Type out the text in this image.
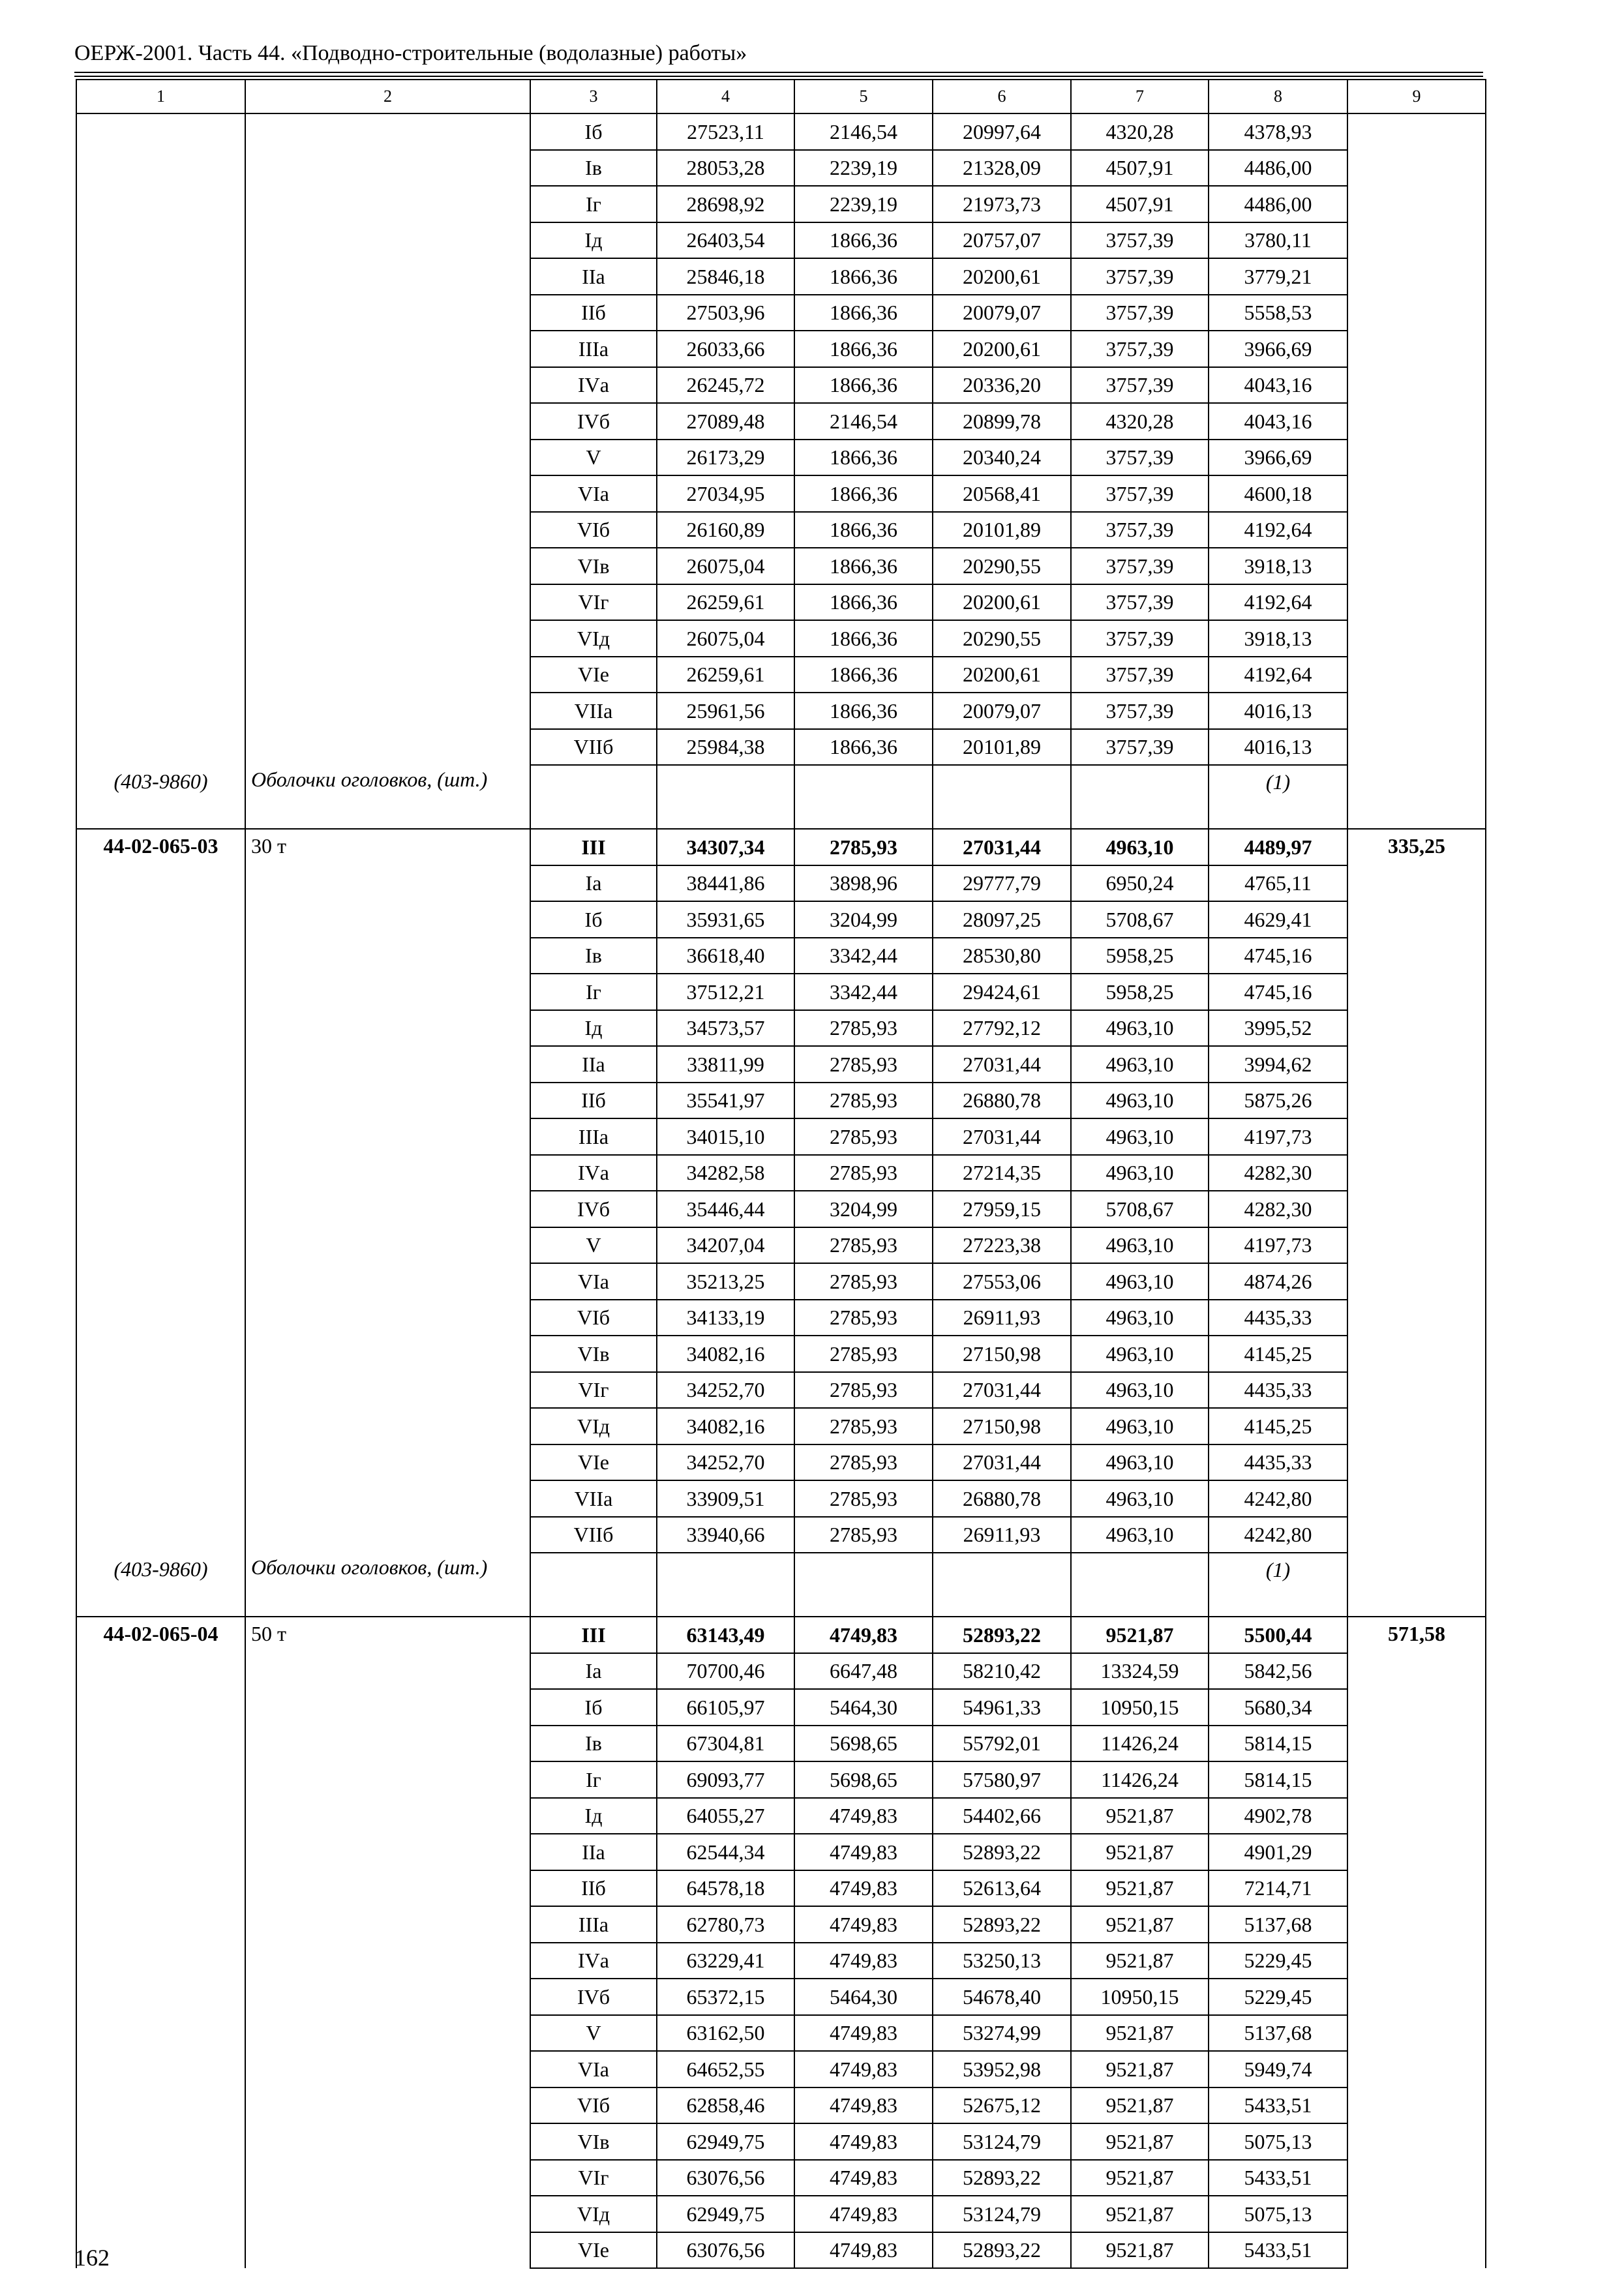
ОЕРЖ-2001. Часть 44. «Подводно-строительные (водолазные) работы»
1	2	3	4	5	6	7	8	9
		Iб	27523,11	2146,54	20997,64	4320,28	4378,93	
		Iв	28053,28	2239,19	21328,09	4507,91	4486,00	
		Iг	28698,92	2239,19	21973,73	4507,91	4486,00	
		Iд	26403,54	1866,36	20757,07	3757,39	3780,11	
		IIа	25846,18	1866,36	20200,61	3757,39	3779,21	
		IIб	27503,96	1866,36	20079,07	3757,39	5558,53	
		IIIа	26033,66	1866,36	20200,61	3757,39	3966,69	
		IVа	26245,72	1866,36	20336,20	3757,39	4043,16	
		IVб	27089,48	2146,54	20899,78	4320,28	4043,16	
		V	26173,29	1866,36	20340,24	3757,39	3966,69	
		VIа	27034,95	1866,36	20568,41	3757,39	4600,18	
		VIб	26160,89	1866,36	20101,89	3757,39	4192,64	
		VIв	26075,04	1866,36	20290,55	3757,39	3918,13	
		VIг	26259,61	1866,36	20200,61	3757,39	4192,64	
		VIд	26075,04	1866,36	20290,55	3757,39	3918,13	
		VIе	26259,61	1866,36	20200,61	3757,39	4192,64	
		VIIа	25961,56	1866,36	20079,07	3757,39	4016,13	
		VIIб	25984,38	1866,36	20101,89	3757,39	4016,13	
(403-9860)	Оболочки оголовков, (шт.)						(1)	
44-02-065-03	30 т	III	34307,34	2785,93	27031,44	4963,10	4489,97	335,25
		Iа	38441,86	3898,96	29777,79	6950,24	4765,11	
		Iб	35931,65	3204,99	28097,25	5708,67	4629,41	
		Iв	36618,40	3342,44	28530,80	5958,25	4745,16	
		Iг	37512,21	3342,44	29424,61	5958,25	4745,16	
		Iд	34573,57	2785,93	27792,12	4963,10	3995,52	
		IIа	33811,99	2785,93	27031,44	4963,10	3994,62	
		IIб	35541,97	2785,93	26880,78	4963,10	5875,26	
		IIIа	34015,10	2785,93	27031,44	4963,10	4197,73	
		IVа	34282,58	2785,93	27214,35	4963,10	4282,30	
		IVб	35446,44	3204,99	27959,15	5708,67	4282,30	
		V	34207,04	2785,93	27223,38	4963,10	4197,73	
		VIа	35213,25	2785,93	27553,06	4963,10	4874,26	
		VIб	34133,19	2785,93	26911,93	4963,10	4435,33	
		VIв	34082,16	2785,93	27150,98	4963,10	4145,25	
		VIг	34252,70	2785,93	27031,44	4963,10	4435,33	
		VIд	34082,16	2785,93	27150,98	4963,10	4145,25	
		VIе	34252,70	2785,93	27031,44	4963,10	4435,33	
		VIIа	33909,51	2785,93	26880,78	4963,10	4242,80	
		VIIб	33940,66	2785,93	26911,93	4963,10	4242,80	
(403-9860)	Оболочки оголовков, (шт.)						(1)	
44-02-065-04	50 т	III	63143,49	4749,83	52893,22	9521,87	5500,44	571,58
		Iа	70700,46	6647,48	58210,42	13324,59	5842,56	
		Iб	66105,97	5464,30	54961,33	10950,15	5680,34	
		Iв	67304,81	5698,65	55792,01	11426,24	5814,15	
		Iг	69093,77	5698,65	57580,97	11426,24	5814,15	
		Iд	64055,27	4749,83	54402,66	9521,87	4902,78	
		IIа	62544,34	4749,83	52893,22	9521,87	4901,29	
		IIб	64578,18	4749,83	52613,64	9521,87	7214,71	
		IIIа	62780,73	4749,83	52893,22	9521,87	5137,68	
		IVа	63229,41	4749,83	53250,13	9521,87	5229,45	
		IVб	65372,15	5464,30	54678,40	10950,15	5229,45	
		V	63162,50	4749,83	53274,99	9521,87	5137,68	
		VIа	64652,55	4749,83	53952,98	9521,87	5949,74	
		VIб	62858,46	4749,83	52675,12	9521,87	5433,51	
		VIв	62949,75	4749,83	53124,79	9521,87	5075,13	
		VIг	63076,56	4749,83	52893,22	9521,87	5433,51	
		VIд	62949,75	4749,83	53124,79	9521,87	5075,13	
		VIе	63076,56	4749,83	52893,22	9521,87	5433,51	
162
